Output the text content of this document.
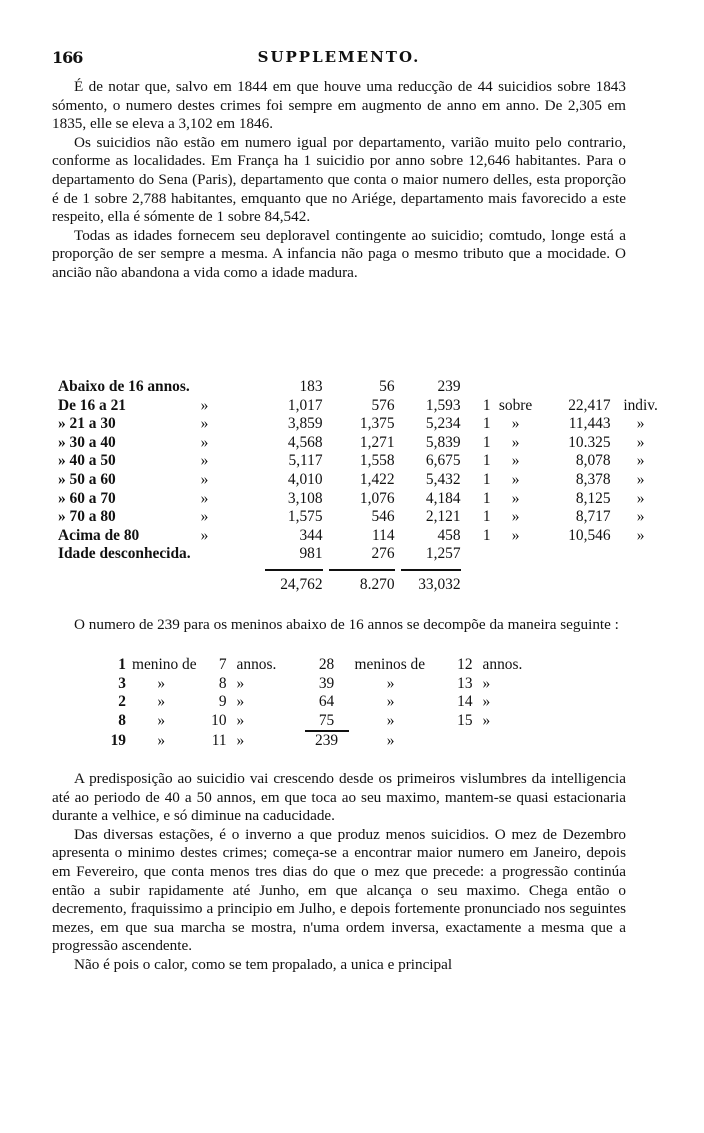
166	SUPPLEMENTO.

É de notar que, salvo em 1844 em que houve uma reducção de 44 suicidios sobre 1843 sómento, o numero destes crimes foi sempre em augmento de anno em anno. De 2,305 em 1835, elle se eleva a 3,102 em 1846.

Os suicidios não estão em numero igual por departamento, varião muito pelo contrario, conforme as localidades. Em França ha 1 suicidio por anno sobre 12,646 habitantes. Para o departamento do Sena (Paris), departamento que conta o maior numero delles, esta proporção é de 1 sobre 2,788 habitantes, emquanto que no Ariége, departamento mais favorecido a este respeito, ella é sómente de 1 sobre 84,542.

Todas as idades fornecem seu deploravel contingente ao suicidio; comtudo, longe está a proporção de ser sempre a mesma. A infancia não paga o mesmo tributo que a mocidade. O ancião não abandona a vida como a idade madura.

Abaixo de 16 annos.		183	56	239				
De 16 a 21	»	1,017	576	1,593	1	sobre	22,417	indiv.
» 21 a 30	»	3,859	1,375	5,234	1	»	11,443	»
» 30 a 40	»	4,568	1,271	5,839	1	»	10.325	»
» 40 a 50	»	5,117	1,558	6,675	1	»	8,078	»
» 50 a 60	»	4,010	1,422	5,432	1	»	8,378	»
» 60 a 70	»	3,108	1,076	4,184	1	»	8,125	»
» 70 a 80	»	1,575	546	2,121	1	»	8,717	»
Acima de 80	»	344	114	458	1	»	10,546	»
Idade desconhecida.		981	276	1,257				

		24,762	8.270	33,032				

O numero de 239 para os meninos abaixo de 16 annos se decompõe da maneira seguinte :

1	menino de	7	annos.	28	meninos de	12	annos.
3	»	8	»	39	»	13	»
2	»	9	»	64	»	14	»
8	»	10	»	75	»	15	»
19	»	11	»	239	»		

A predisposição ao suicidio vai crescendo desde os primeiros vislumbres da intelligencia até ao periodo de 40 a 50 annos, em que toca ao seu maximo, mantem-se quasi estacionaria durante a velhice, e só diminue na caducidade.

Das diversas estações, é o inverno a que produz menos suicidios. O mez de Dezembro apresenta o minimo destes crimes; começa-se a encontrar maior numero em Janeiro, depois em Fevereiro, que conta menos tres dias do que o mez que precede: a progressão continúa então a subir rapidamente até Junho, em que alcança o seu maximo. Chega então o decremento, fraquissimo a principio em Julho, e depois fortemente pronunciado nos seguintes mezes, em que sua marcha se mostra, n'uma ordem inversa, exactamente a mesma que a progressão ascendente.

Não é pois o calor, como se tem propalado, a unica e principal
